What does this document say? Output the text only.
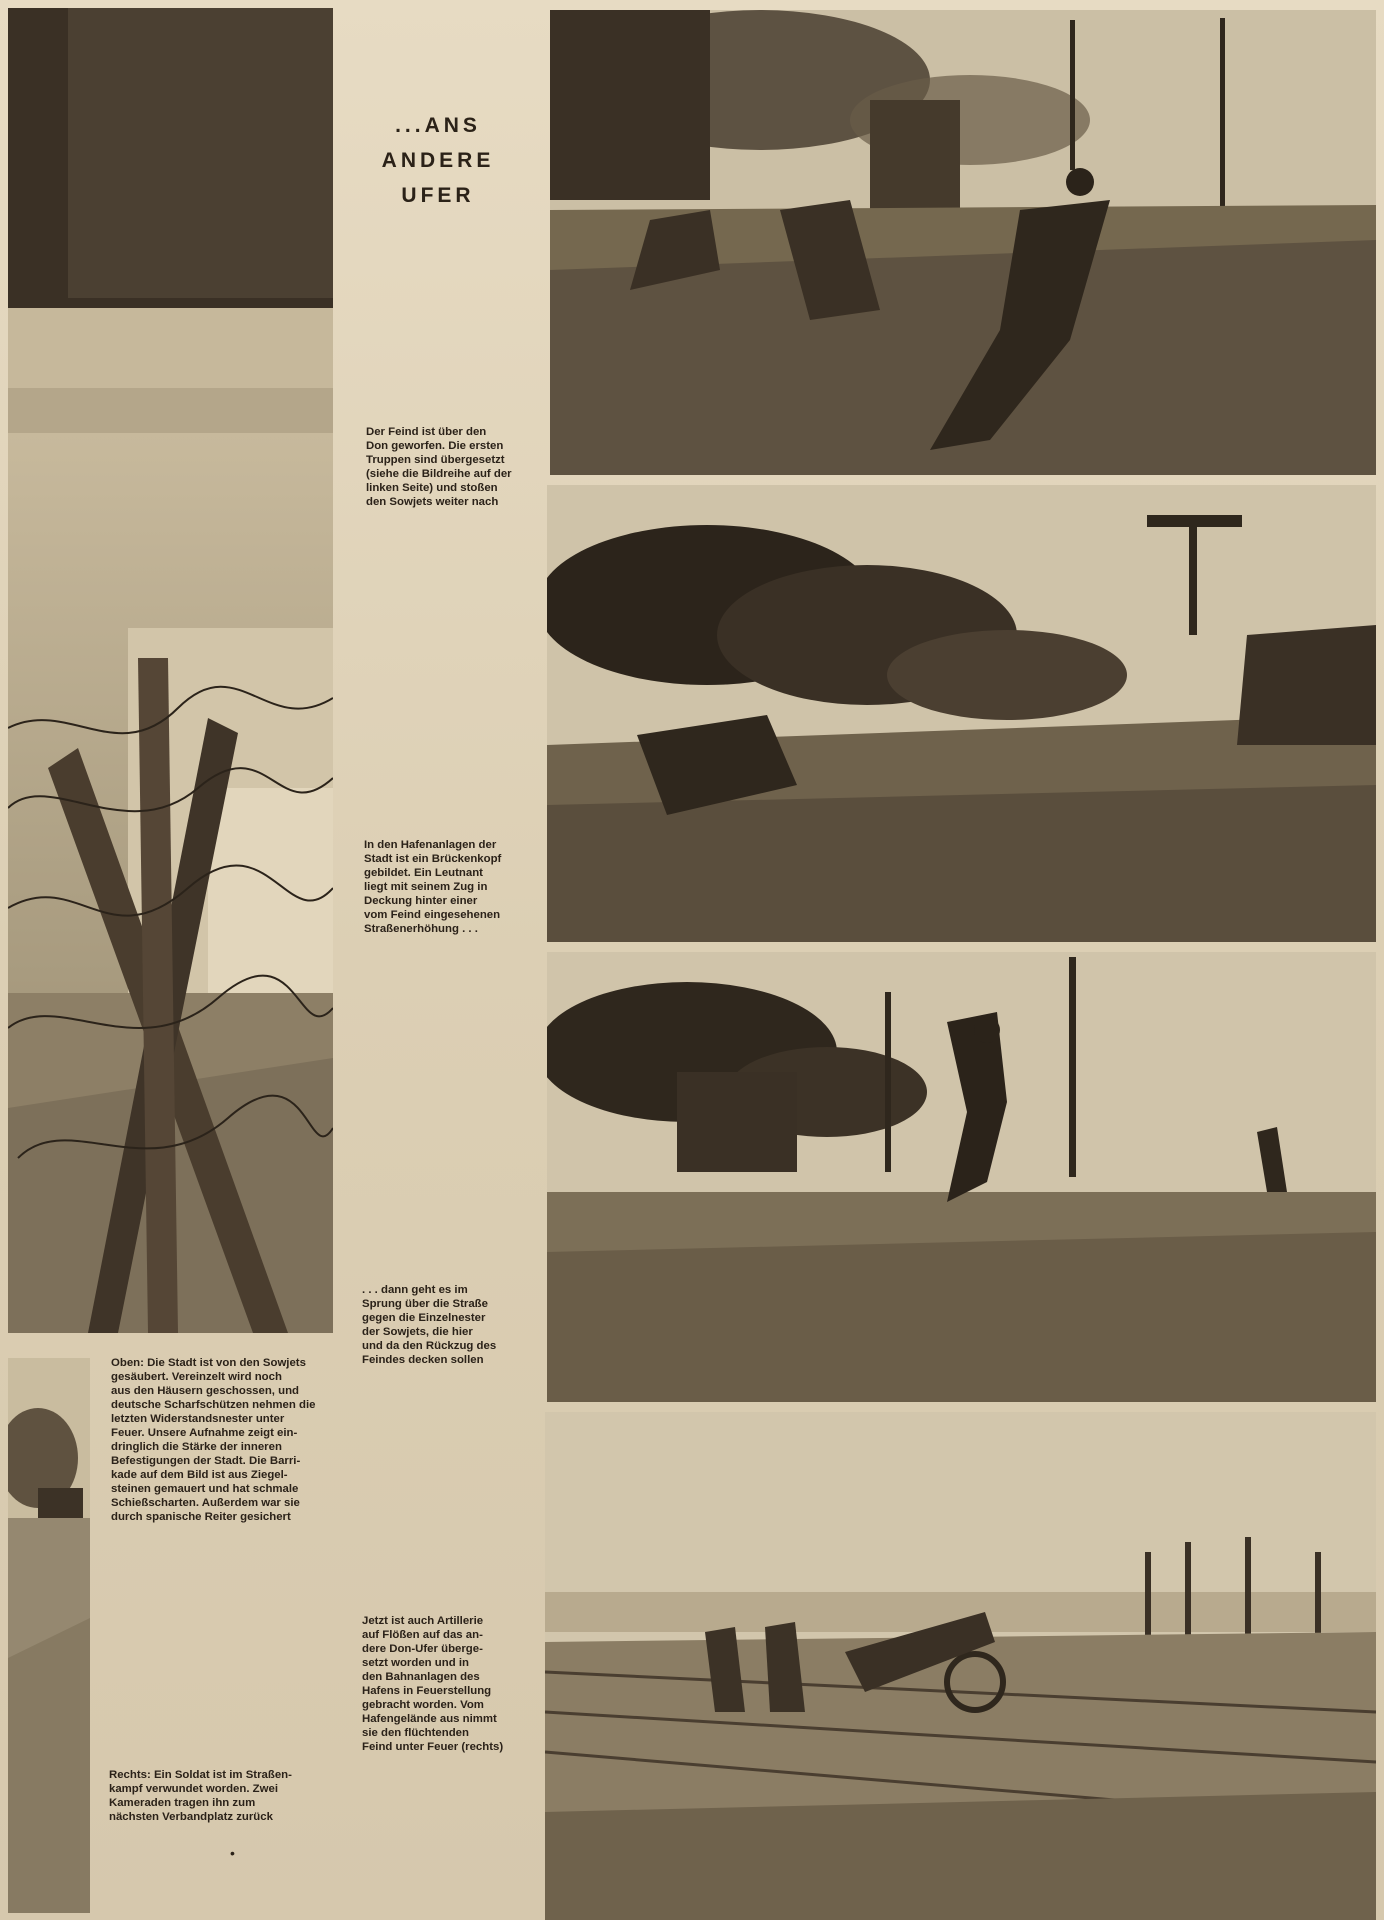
...ANS
ANDERE
UFER
Der Feind ist über den
Don geworfen. Die ersten
Truppen sind übergesetzt
(siehe die Bildreihe auf der
linken Seite) und stoßen
den Sowjets weiter nach
In den Hafenanlagen der
Stadt ist ein Brückenkopf
gebildet. Ein Leutnant
liegt mit seinem Zug in
Deckung hinter einer
vom Feind eingesehenen
Straßenerhöhung . . .
. . . dann geht es im
Sprung über die Straße
gegen die Einzelnester
der Sowjets, die hier
und da den Rückzug des
Feindes decken sollen
Oben: Die Stadt ist von den Sowjets
gesäubert. Vereinzelt wird noch
aus den Häusern geschossen, und
deutsche Scharfschützen nehmen die
letzten Widerstandsnester unter
Feuer. Unsere Aufnahme zeigt ein-
dringlich die Stärke der inneren
Befestigungen der Stadt. Die Barri-
kade auf dem Bild ist aus Ziegel-
steinen gemauert und hat schmale
Schießscharten. Außerdem war sie
durch spanische Reiter gesichert
Jetzt ist auch Artillerie
auf Flößen auf das an-
dere Don-Ufer überge-
setzt worden und in
den Bahnanlagen des
Hafens in Feuerstellung
gebracht worden. Vom
Hafengelände aus nimmt
sie den flüchtenden
Feind unter Feuer (rechts)
Rechts: Ein Soldat ist im Straßen-
kampf verwundet worden. Zwei
Kameraden tragen ihn zum
nächsten Verbandplatz zurück
•
